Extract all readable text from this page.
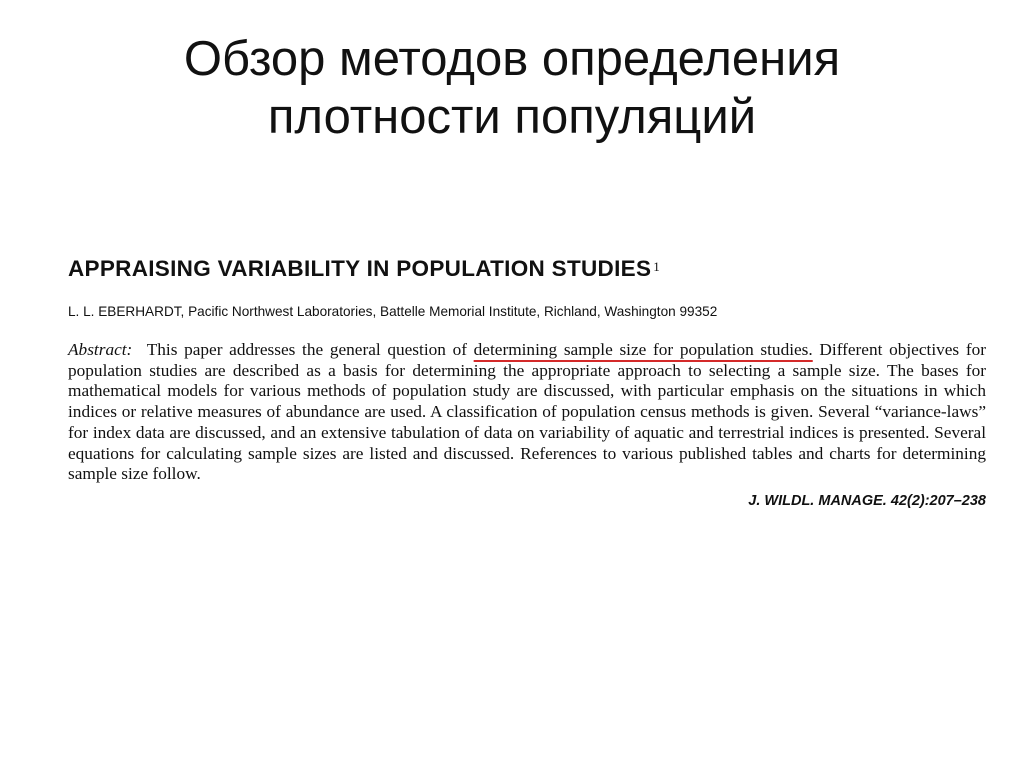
Обзор методов определения
плотности популяций
APPRAISING VARIABILITY IN POPULATION STUDIES $^1$
L. L. EBERHARDT, Pacific Northwest Laboratories, Battelle Memorial Institute, Richland, Washington 99352
Abstract: This paper addresses the general question of determining sample size for population studies. Different objectives for population studies are described as a basis for determining the appropriate approach to selecting a sample size. The bases for mathematical models for various methods of population study are discussed, with particular emphasis on the situations in which indices or relative measures of abundance are used. A classification of population census methods is given. Several “variance-laws” for index data are discussed, and an extensive tabulation of data on variability of aquatic and terrestrial indices is presented. Several equations for calculating sample sizes are listed and discussed. References to various published tables and charts for determining sample size follow.
J. WILDL. MANAGE. 42(2):207–238
